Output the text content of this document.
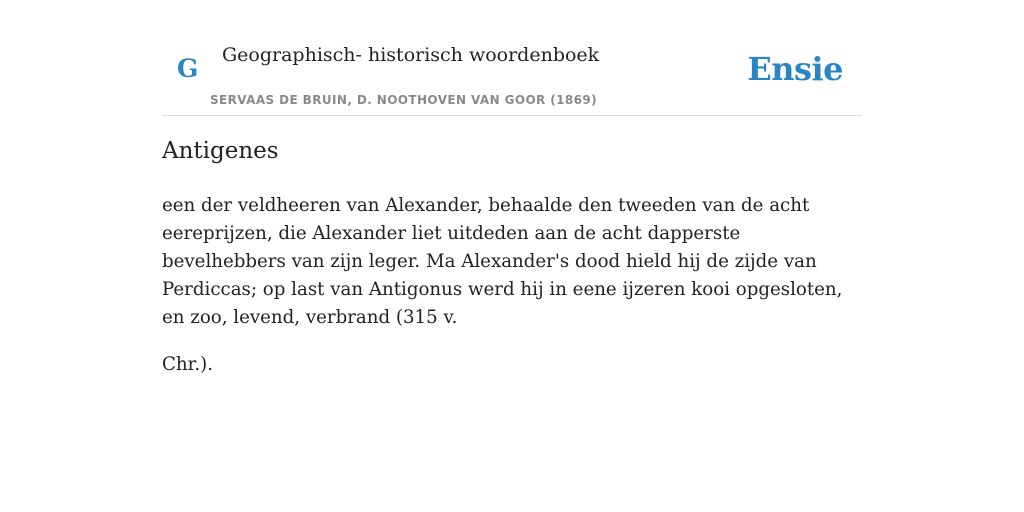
G Geographisch- historisch woordenboek
SERVAAS DE BRUIN, D. NOOTHOVEN VAN GOOR (1869)
Ensie
Antigenes

een der veldheeren van Alexander, behaalde den tweeden van de acht eereprijzen, die Alexander liet uitdeden aan de acht dapperste bevelhebbers van zijn leger. Ma Alexander's dood hield hij de zijde van Perdiccas; op last van Antigonus werd hij in eene ijzeren kooi opgesloten, en zoo, levend, verbrand (315 v.

Chr.).
